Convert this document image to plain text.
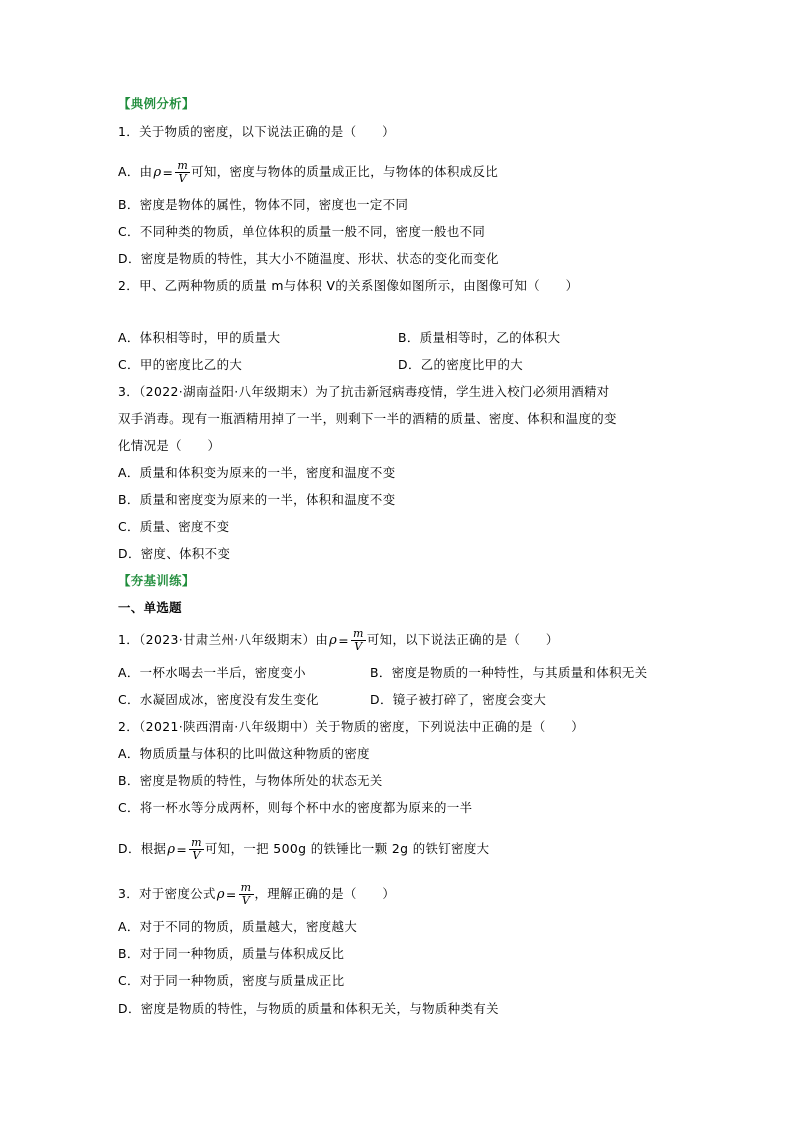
【典例分析】
1．关于物质的密度，以下说法正确的是（　　）
A．由 $\rho = \frac{m}{V}$ 可知，密度与物体的质量成正比，与物体的体积成反比
B．密度是物体的属性，物体不同，密度也一定不同
C．不同种类的物质，单位体积的质量一般不同，密度一般也不同
D．密度是物质的特性，其大小不随温度、形状、状态的变化而变化
2．甲、乙两种物质的质量 m与体积 V的关系图像如图所示，由图像可知（　　）
A．体积相等时，甲的质量大	B．质量相等时，乙的体积大
C．甲的密度比乙的大	D．乙的密度比甲的大
3．（2022·湖南益阳·八年级期末）为了抗击新冠病毒疫情，学生进入校门必须用酒精对
双手消毒。现有一瓶酒精用掉了一半，则剩下一半的酒精的质量、密度、体积和温度的变
化情况是（　　）
A．质量和体积变为原来的一半，密度和温度不变
B．质量和密度变为原来的一半，体积和温度不变
C．质量、密度不变
D．密度、体积不变
【夯基训练】
一、单选题
1．（2023·甘肃兰州·八年级期末）由 $\rho = \frac{m}{V}$ 可知，以下说法正确的是（　　）
A．一杯水喝去一半后，密度变小	B．密度是物质的一种特性，与其质量和体积无关
C．水凝固成冰，密度没有发生变化	D．镜子被打碎了，密度会变大
2．（2021·陕西渭南·八年级期中）关于物质的密度，下列说法中正确的是（　　）
A．物质质量与体积的比叫做这种物质的密度
B．密度是物质的特性，与物体所处的状态无关
C．将一杯水等分成两杯，则每个杯中水的密度都为原来的一半
D．根据 $\rho = \frac{m}{V}$ 可知，一把 500g 的铁锤比一颗 2g 的铁钉密度大
3．对于密度公式 $\rho = \frac{m}{V}$ ，理解正确的是（　　）
A．对于不同的物质，质量越大，密度越大
B．对于同一种物质，质量与体积成反比
C．对于同一种物质，密度与质量成正比
D．密度是物质的特性，与物质的质量和体积无关，与物质种类有关
